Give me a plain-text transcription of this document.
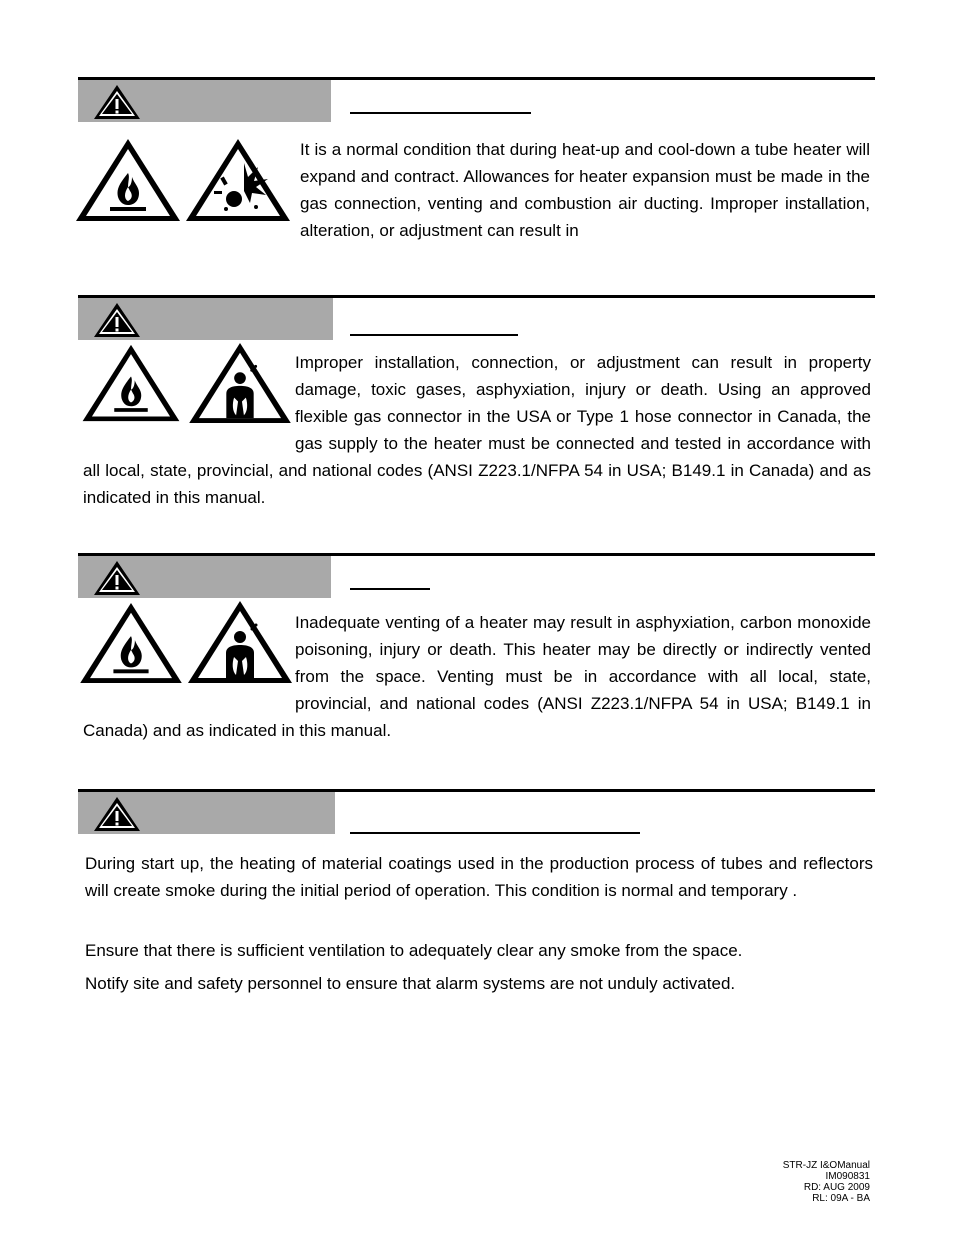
It is a normal condition that during heat-up and cool-down a tube heater will expand and contract. Allowances for heater expansion must be made in the gas connection, venting and combustion air ducting. Improper installation, alteration, or adjustment can result in

Improper installation, connection, or adjustment can result in property damage, toxic gases, asphyxiation, injury or death. Using an approved flexible gas connector in the USA or Type 1 hose connector in Canada, the gas supply to the heater must be connected and tested in accordance with all local, state, provincial, and national codes (ANSI Z223.1/NFPA 54 in USA; B149.1 in Canada) and as indicated in this manual.

Inadequate venting of a heater may result in asphyxiation, carbon monoxide poisoning, injury or death. This heater may be directly or indirectly vented from the space. Venting must be in accordance with all local, state, provincial, and national codes (ANSI Z223.1/NFPA 54 in USA; B149.1 in Canada) and as indicated in this manual.

During start up, the heating of material coatings used in the production process of tubes and reflectors will create smoke during the initial period of operation. This condition is normal and temporary .

Ensure that there is sufficient ventilation to adequately clear any smoke from the space.

Notify site and safety personnel to ensure that alarm systems are not unduly activated.

STR-JZ I&OManual
IM090831
RD: AUG 2009
RL: 09A - BA
